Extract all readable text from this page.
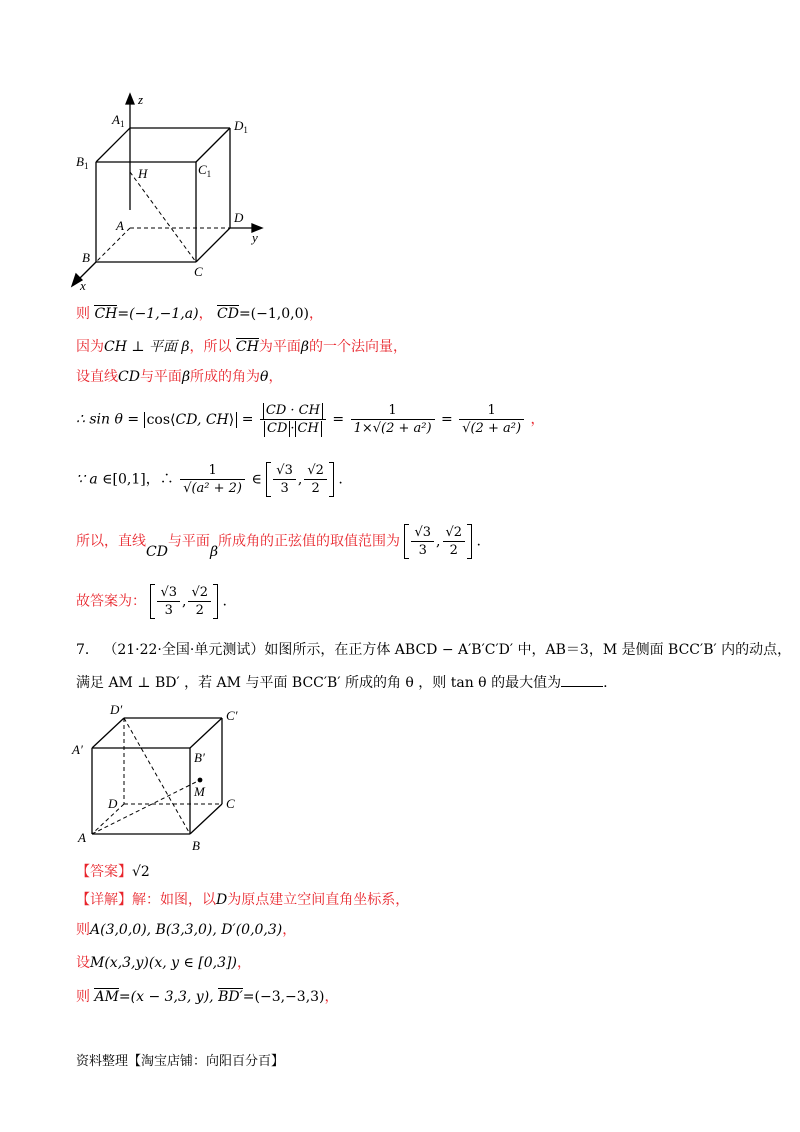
z
$A_1$	$D_1$
$B_1$	$C_1$
H
A
D
y
B
C
x
则 CH=(−1,−1,a)， CD=(−1,0,0)，
因为CH ⊥ 平面 β，所以 CH为平面β的一个法向量，
设直线CD与平面β所成的角为θ，
∴ sin θ = cos⟨CD, CH⟩ = $\frac{CD \cdot CH}{CD \cdot CH} = \frac{1}{\text{1×√(2 + a²)}} = \frac{1}{\text{√(2 + a²)}}$ ，
∵ a ∈[0,1]，∴ $\frac{1}{\text{√(a² + 2)}}$ ∈ $\frac{√3}{3}$ , $\frac{√2}{2}$ .
所以，直线CD与平面β所成角的正弦值的取值范围为 $\frac{√3}{3}$ , $\frac{√2}{2}$ .
故答案为： $\frac{√3}{3}$ , $\frac{√2}{2}$ .
7． （21·22·全国·单元测试）如图所示，在正方体 ABCD − A′B′C′D′ 中，AB＝3，M 是侧面 BCC′B′ 内的动点，
满足 AM ⊥ BD′ ，若 AM 与平面 BCC′B′ 所成的角 θ ，则 tan θ 的最大值为	.
D′	C′
A′
B′
M
D	C
A
B
【答案】√2
【详解】解：如图，以D为原点建立空间直角坐标系，
则A(3,0,0), B(3,3,0), D′(0,0,3)，
设M(x,3,y)(x, y ∈ [0,3])，
则 AM=(x − 3,3, y), BD′=(−3,−3,3)，
资料整理【淘宝店铺：向阳百分百】
